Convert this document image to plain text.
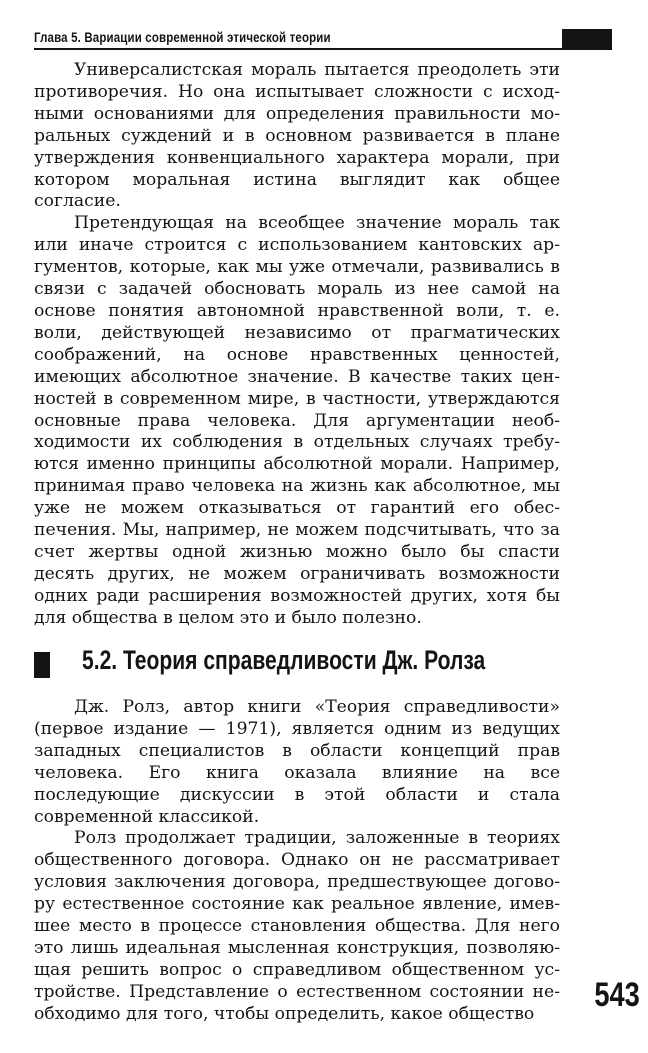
Глава 5. Вариации современной этической теории

Универсалистская мораль пытается преодолеть эти противоречия. Но она испытывает сложности с исходными основаниями для определения правильности моральных суждений и в основном развивается в плане утверждения конвенциального характера морали, при котором моральная истина выглядит как общее согласие.

Претендующая на всеобщее значение мораль так или иначе строится с использованием кантовских аргументов, которые, как мы уже отмечали, развивались в связи с задачей обосновать мораль из нее самой на основе понятия автономной нравственной воли, т. е. воли, действующей независимо от прагматических соображений, на основе нравственных ценностей, имеющих абсолютное значение. В качестве таких ценностей в современном мире, в частности, утверждаются основные права человека. Для аргументации необходимости их соблюдения в отдельных случаях требуются именно принципы абсолютной морали. Например, принимая право человека на жизнь как абсолютное, мы уже не можем отказываться от гарантий его обеспечения. Мы, например, не можем подсчитывать, что за счет жертвы одной жизнью можно было бы спасти десять других, не можем ограничивать возможности одних ради расширения возможностей других, хотя бы для общества в целом это и было полезно.

5.2. Теория справедливости Дж. Ролза

Дж. Ролз, автор книги «Теория справедливости» (первое издание — 1971), является одним из ведущих западных специалистов в области концепций прав человека. Его книга оказала влияние на все последующие дискуссии в этой области и стала современной классикой.

Ролз продолжает традиции, заложенные в теориях общественного договора. Однако он не рассматривает условия заключения договора, предшествующее договору естественное состояние как реальное явление, имевшее место в процессе становления общества. Для него это лишь идеальная мысленная конструкция, позволяющая решить вопрос о справедливом общественном устройстве. Представление о естественном состоянии необходимо для того, чтобы определить, какое общество	543
